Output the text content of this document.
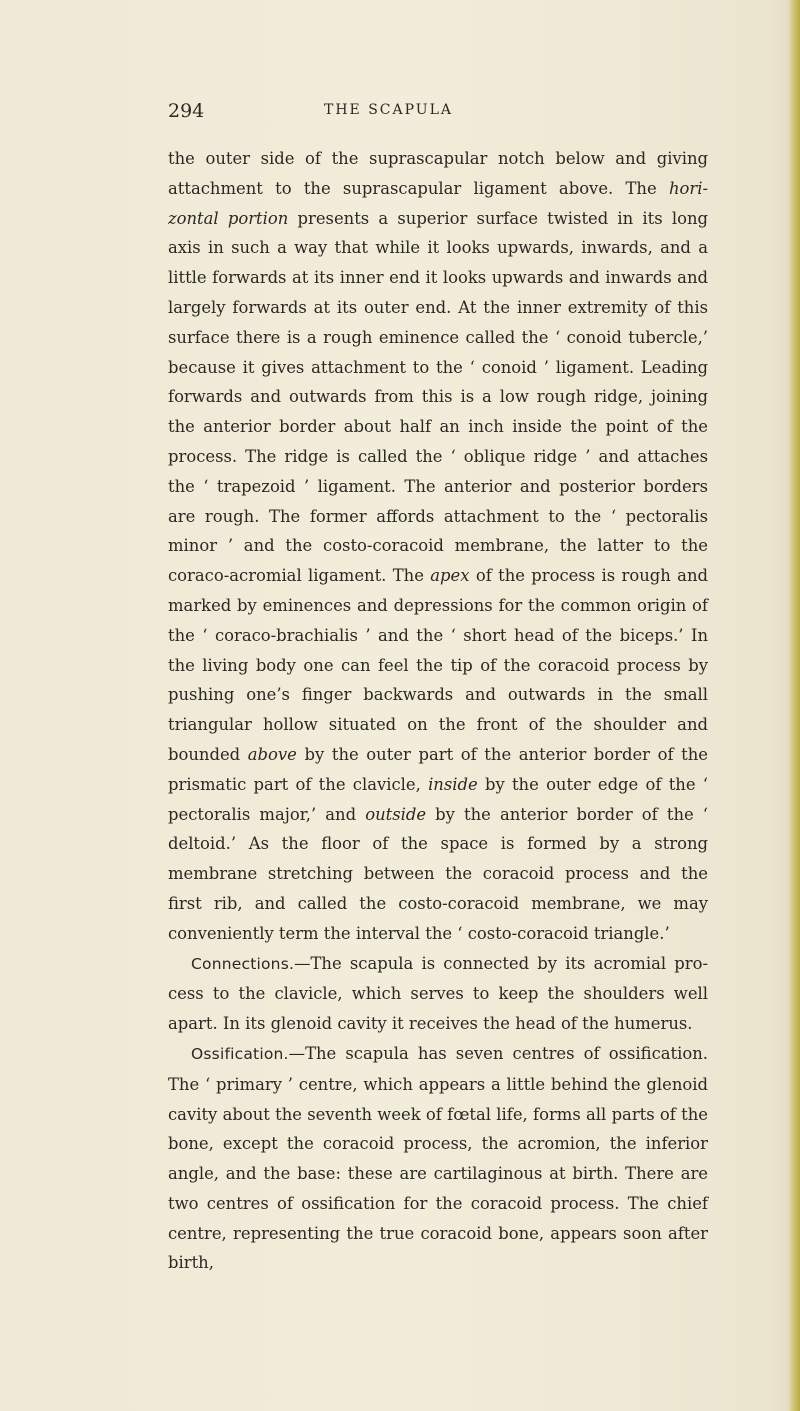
294	THE SCAPULA

the outer side of the suprascapular notch below and giving attachment to the suprascapular ligament above. The hori-zontal portion presents a superior surface twisted in its long axis in such a way that while it looks upwards, inwards, and a little forwards at its inner end it looks upwards and inwards and largely forwards at its outer end. At the inner extremity of this surface there is a rough eminence called the ‘ conoid tubercle,’ because it gives attachment to the ‘ conoid ’ ligament. Leading forwards and outwards from this is a low rough ridge, joining the anterior border about half an inch inside the point of the process. The ridge is called the ‘ oblique ridge ’ and attaches the ‘ trapezoid ’ ligament. The anterior and posterior borders are rough. The former affords attachment to the ‘ pectoralis minor ’ and the costo-coracoid membrane, the latter to the coraco-acromial ligament. The apex of the process is rough and marked by eminences and depressions for the common origin of the ‘ coraco-brachialis ’ and the ‘ short head of the biceps.’ In the living body one can feel the tip of the coracoid process by pushing one’s finger backwards and outwards in the small triangular hollow situated on the front of the shoulder and bounded above by the outer part of the anterior border of the prismatic part of the clavicle, inside by the outer edge of the ‘ pectoralis major,’ and outside by the anterior border of the ‘ deltoid.’ As the floor of the space is formed by a strong membrane stretching between the coracoid process and the first rib, and called the costo-coracoid membrane, we may conveniently term the interval the ‘ costo-coracoid triangle.’

Connections.—The scapula is connected by its acromial pro-cess to the clavicle, which serves to keep the shoulders well apart. In its glenoid cavity it receives the head of the humerus.

Ossification.—The scapula has seven centres of ossification. The ‘ primary ’ centre, which appears a little behind the glenoid cavity about the seventh week of fœtal life, forms all parts of the bone, except the coracoid process, the acromion, the inferior angle, and the base: these are cartilaginous at birth. There are two centres of ossification for the coracoid process. The chief centre, representing the true coracoid bone, appears soon after birth,
